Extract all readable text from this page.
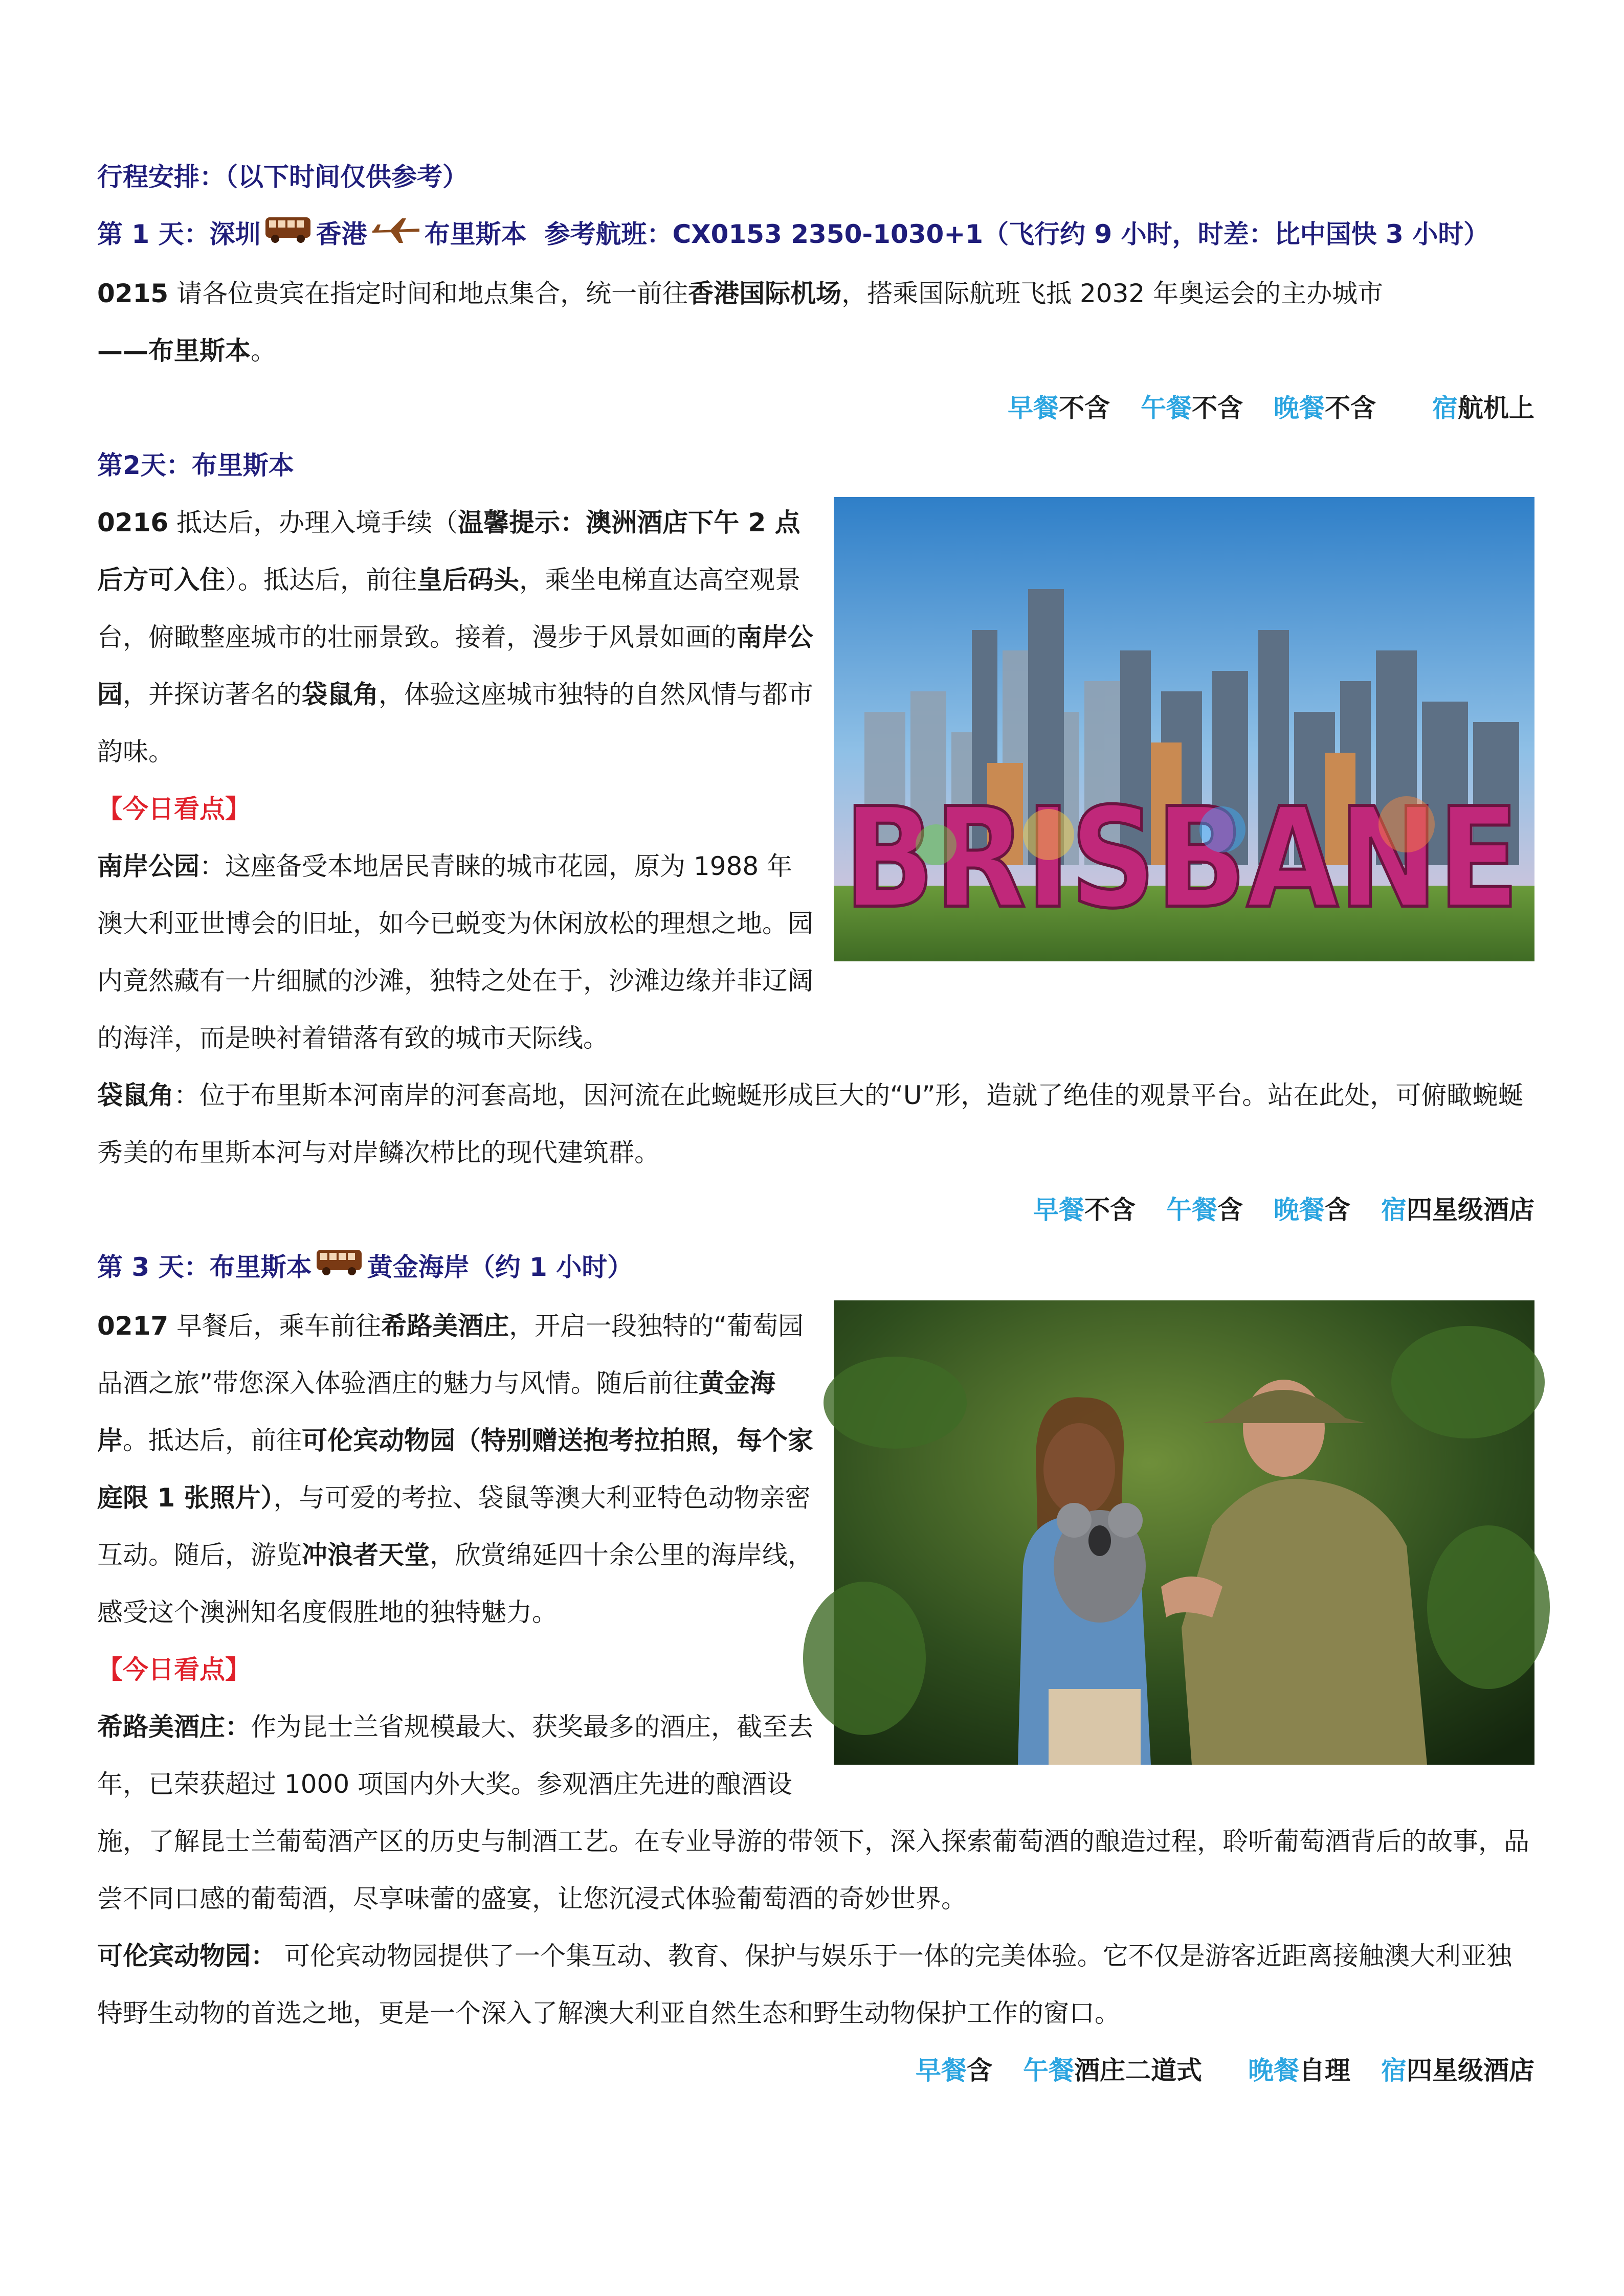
行程安排：（以下时间仅供参考）
第 1 天：深圳 香港 布里斯本 参考航班：CX0153 2350-1030+1（飞行约 9 小时，时差：比中国快 3 小时）
0215 请各位贵宾在指定时间和地点集合，统一前往香港国际机场，搭乘国际航班飞抵 2032 年奥运会的主办城市
——布里斯本。
早餐不含 午餐不含 晚餐不含 宿航机上
第2天：布里斯本
BRISBANE
0216 抵达后，办理入境手续（温馨提示：澳洲酒店下午 2 点后方可入住）。抵达后，前往皇后码头，乘坐电梯直达高空观景台，俯瞰整座城市的壮丽景致。接着，漫步于风景如画的南岸公园，并探访著名的袋鼠角，体验这座城市独特的自然风情与都市韵味。
【今日看点】
南岸公园：这座备受本地居民青睐的城市花园，原为 1988 年澳大利亚世博会的旧址，如今已蜕变为休闲放松的理想之地。园内竟然藏有一片细腻的沙滩，独特之处在于，沙滩边缘并非辽阔的海洋，而是映衬着错落有致的城市天际线。
袋鼠角：位于布里斯本河南岸的河套高地，因河流在此蜿蜒形成巨大的“U”形，造就了绝佳的观景平台。站在此处，可俯瞰蜿蜒秀美的布里斯本河与对岸鳞次栉比的现代建筑群。
早餐不含 午餐含 晚餐含 宿四星级酒店
第 3 天：布里斯本 黄金海岸（约 1 小时）
0217 早餐后，乘车前往希路美酒庄，开启一段独特的“葡萄园品酒之旅”带您深入体验酒庄的魅力与风情。随后前往黄金海岸。抵达后，前往可伦宾动物园（特别赠送抱考拉拍照，每个家庭限 1 张照片），与可爱的考拉、袋鼠等澳大利亚特色动物亲密互动。随后，游览冲浪者天堂，欣赏绵延四十余公里的海岸线，感受这个澳洲知名度假胜地的独特魅力。
【今日看点】
希路美酒庄：作为昆士兰省规模最大、获奖最多的酒庄，截至去年，已荣获超过 1000 项国内外大奖。参观酒庄先进的酿酒设施，了解昆士兰葡萄酒产区的历史与制酒工艺。在专业导游的带领下，深入探索葡萄酒的酿造过程，聆听葡萄酒背后的故事，品尝不同口感的葡萄酒，尽享味蕾的盛宴，让您沉浸式体验葡萄酒的奇妙世界。
可伦宾动物园： 可伦宾动物园提供了一个集互动、教育、保护与娱乐于一体的完美体验。它不仅是游客近距离接触澳大利亚独特野生动物的首选之地，更是一个深入了解澳大利亚自然生态和野生动物保护工作的窗口。
早餐含 午餐酒庄二道式 晚餐自理 宿四星级酒店
